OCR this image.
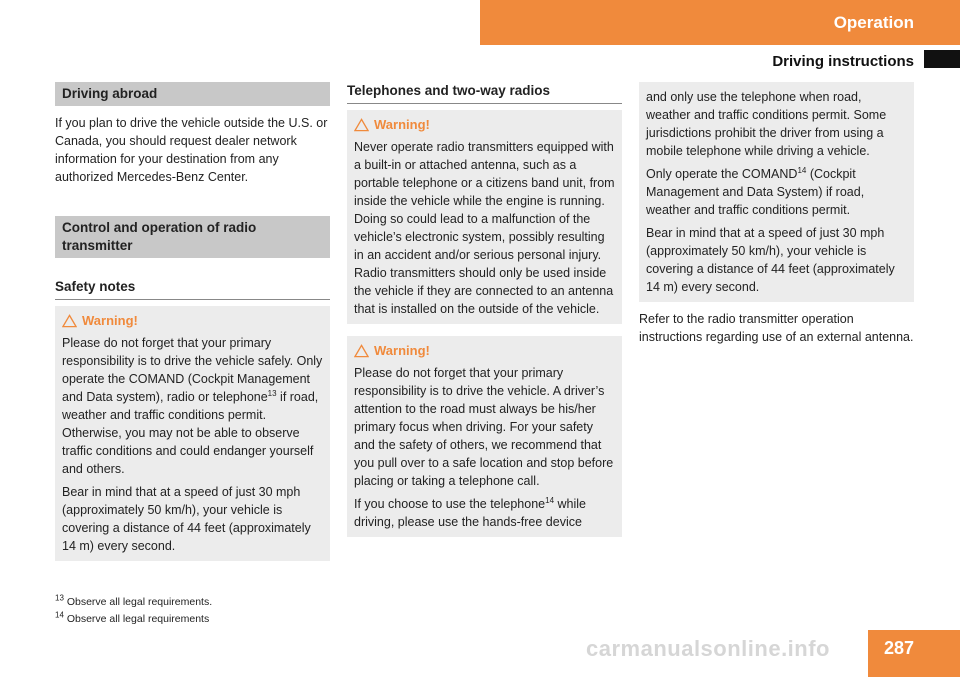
Operation
Driving instructions
Driving abroad

If you plan to drive the vehicle outside the U.S. or Canada, you should request dealer network information for your destination from any authorized Mercedes-Benz Center.

Control and operation of radio transmitter
Safety notes
Warning!

Please do not forget that your primary responsibility is to drive the vehicle safely. Only operate the COMAND (Cockpit Management and Data system), radio or telephone$^{13}$ if road, weather and traffic conditions permit. Otherwise, you may not be able to observe traffic conditions and could endanger yourself and others.

Bear in mind that at a speed of just 30 mph (approximately 50 km/h), your vehicle is covering a distance of 44 feet (approximately 14 m) every second.

Telephones and two-way radios
Warning!

Never operate radio transmitters equipped with a built-in or attached antenna, such as a portable telephone or a citizens band unit, from inside the vehicle while the engine is running. Doing so could lead to a malfunction of the vehicle’s electronic system, possibly resulting in an accident and/or serious personal injury. Radio transmitters should only be used inside the vehicle if they are connected to an antenna that is installed on the outside of the vehicle.

Warning!

Please do not forget that your primary responsibility is to drive the vehicle. A driver’s attention to the road must always be his/her primary focus when driving. For your safety and the safety of others, we recommend that you pull over to a safe location and stop before placing or taking a telephone call.

If you choose to use the telephone$^{14}$ while driving, please use the hands-free device

and only use the telephone when road, weather and traffic conditions permit. Some jurisdictions prohibit the driver from using a mobile telephone while driving a vehicle.

Only operate the COMAND$^{14}$ (Cockpit Management and Data System) if road, weather and traffic conditions permit.

Bear in mind that at a speed of just 30 mph (approximately 50 km/h), your vehicle is covering a distance of 44 feet (approximately 14 m) every second.

Refer to the radio transmitter operation instructions regarding use of an external antenna.

$^{13}$ Observe all legal requirements.
$^{14}$ Observe all legal requirements
carmanualsonline.info	287
